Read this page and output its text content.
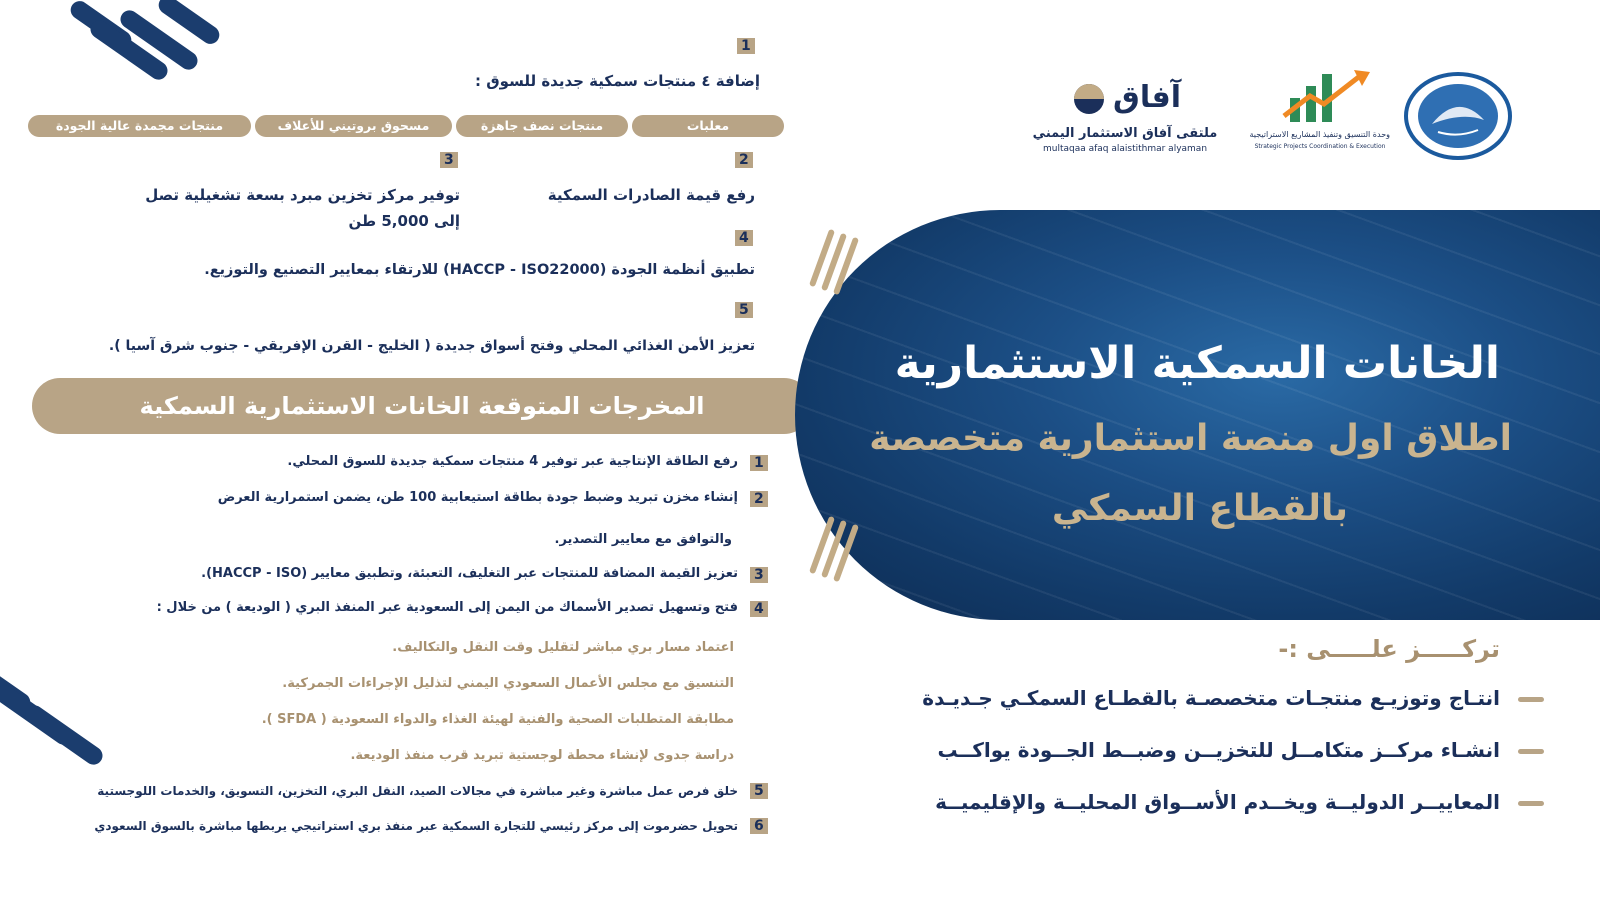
وحدة التنسيق وتنفيذ المشاريع الاستراتيجية
Strategic Projects Coordination & Execution
آفاق
ملتقى آفاق الاستثمار اليمني
multaqaa afaq alaistithmar alyaman
1
إضافة ٤ منتجات سمكية جديدة للسوق :
معلبات
منتجات نصف جاهزة
مسحوق بروتيني للأعلاف
منتجات مجمدة عالية الجودة
2
رفع قيمة الصادرات السمكية
3
توفير مركز تخزين مبرد بسعة تشغيلية تصل
إلى 5,000 طن
4
تطبيق أنظمة الجودة (HACCP - ISO22000) للارتقاء بمعايير التصنيع والتوزيع.
5
تعزيز الأمن الغذائي المحلي وفتح أسواق جديدة ( الخليج - القرن الإفريقي - جنوب شرق آسيا ).
المخرجات المتوقعة الخانات الاستثمارية السمكية
1
رفع الطاقة الإنتاجية عبر توفير 4 منتجات سمكية جديدة للسوق المحلي.
2
إنشاء مخزن تبريد وضبط جودة بطاقة استيعابية 100 طن، يضمن استمرارية العرض
والتوافق مع معايير التصدير.
3
تعزيز القيمة المضافة للمنتجات عبر التغليف، التعبئة، وتطبيق معايير (HACCP - ISO).
4
فتح وتسهيل تصدير الأسماك من اليمن إلى السعودية عبر المنفذ البري ( الوديعة ) من خلال :
اعتماد مسار بري مباشر لتقليل وقت النقل والتكاليف.
التنسيق مع مجلس الأعمال السعودي اليمني لتذليل الإجراءات الجمركية.
مطابقة المتطلبات الصحية والفنية لهيئة الغذاء والدواء السعودية ( SFDA ).
دراسة جدوى لإنشاء محطة لوجستية تبريد قرب منفذ الوديعة.
5
خلق فرص عمل مباشرة وغير مباشرة في مجالات الصيد، النقل البري، التخزين، التسويق، والخدمات اللوجستية
6
تحويل حضرموت إلى مركز رئيسي للتجارة السمكية عبر منفذ بري استراتيجي يربطها مباشرة بالسوق السعودي
الخانات السمكية الاستثمارية
اطلاق اول منصة استثمارية متخصصة
بالقطاع السمكي
تركـــــز علـــــى :-
انتـاج وتوزيـع منتجـات متخصصـة بالقطـاع السمكـي جـديـدة
انشـاء مركــز متكامــل للتخزيــن وضبــط الجــودة يواكــب
المعاييــر الدوليــة ويخــدم الأســواق المحليــة والإقليميــة
